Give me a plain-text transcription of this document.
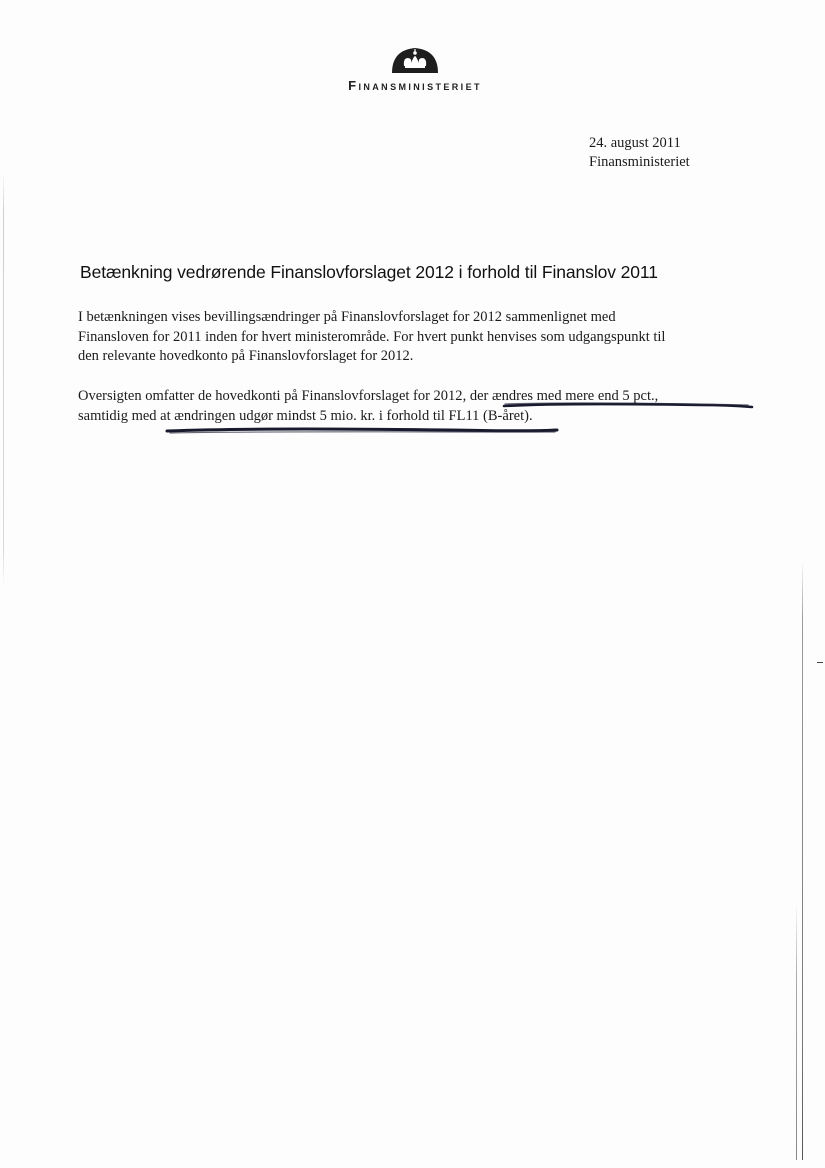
Finansministeriet
24. august 2011
Finansministeriet
Betænkning vedrørende Finanslovforslaget 2012 i forhold til Finanslov 2011
I betænkningen vises bevillingsændringer på Finanslovforslaget for 2012 sammenlignet med
Finansloven for 2011 inden for hvert ministerområde. For hvert punkt henvises som udgangspunkt til
den relevante hovedkonto på Finanslovforslaget for 2012.
Oversigten omfatter de hovedkonti på Finanslovforslaget for 2012, der ændres med mere end 5 pct.,
samtidig med at ændringen udgør mindst 5 mio. kr. i forhold til FL11 (B-året).
